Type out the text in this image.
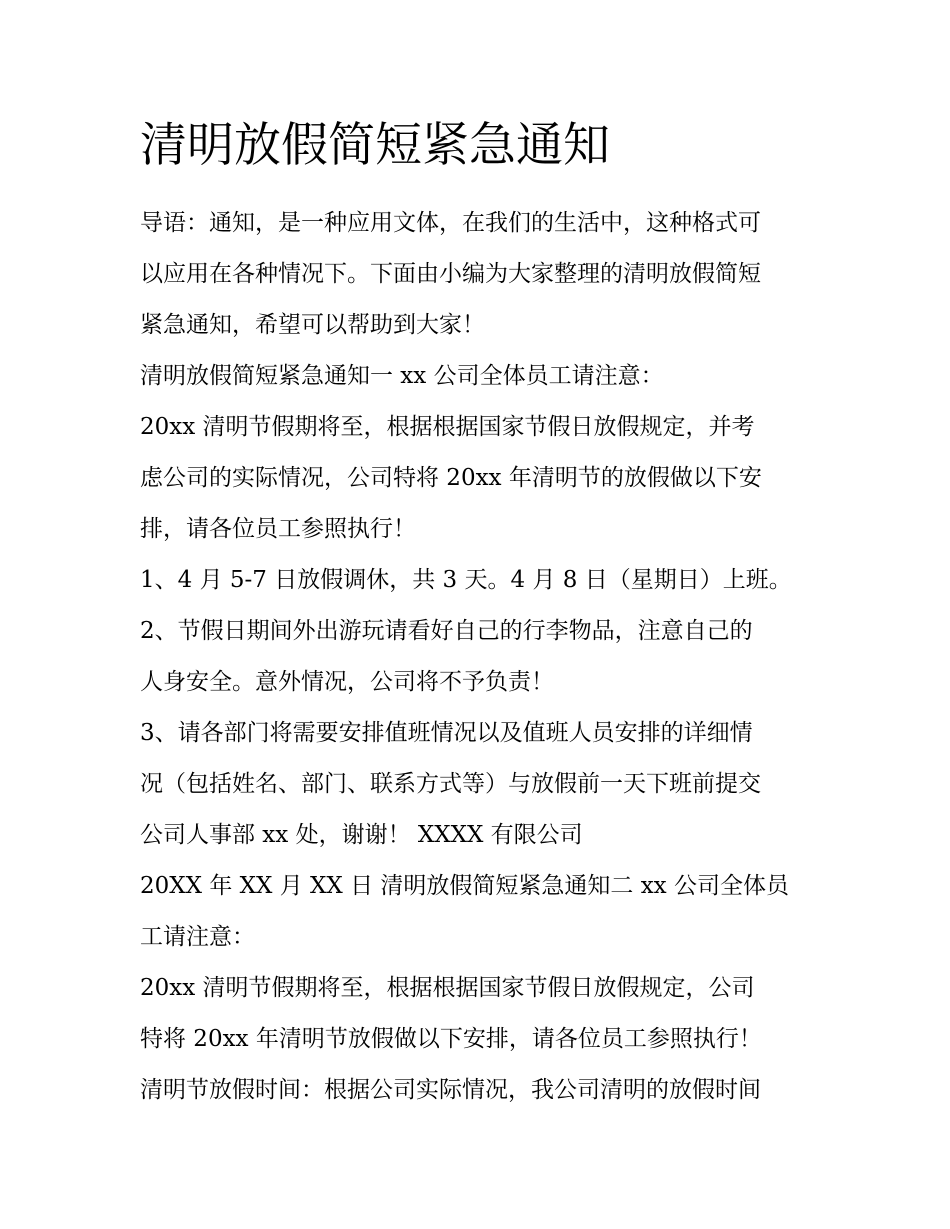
清明放假简短紧急通知
导语：通知，是一种应用文体，在我们的生活中，这种格式可
以应用在各种情况下。下面由小编为大家整理的清明放假简短
紧急通知，希望可以帮助到大家！
清明放假简短紧急通知一 xx 公司全体员工请注意：
20xx 清明节假期将至，根据根据国家节假日放假规定，并考
虑公司的实际情况，公司特将 20xx 年清明节的放假做以下安
排，请各位员工参照执行！
1、4 月 5-7 日放假调休，共 3 天。4 月 8 日（星期日）上班。
2、节假日期间外出游玩请看好自己的行李物品，注意自己的
人身安全。意外情况，公司将不予负责！
3、请各部门将需要安排值班情况以及值班人员安排的详细情
况（包括姓名、部门、联系方式等）与放假前一天下班前提交
公司人事部 xx 处，谢谢！ XXXX 有限公司
20XX 年 XX 月 XX 日 清明放假简短紧急通知二 xx 公司全体员
工请注意：
20xx 清明节假期将至，根据根据国家节假日放假规定，公司
特将 20xx 年清明节放假做以下安排，请各位员工参照执行！
清明节放假时间：根据公司实际情况，我公司清明的放假时间
